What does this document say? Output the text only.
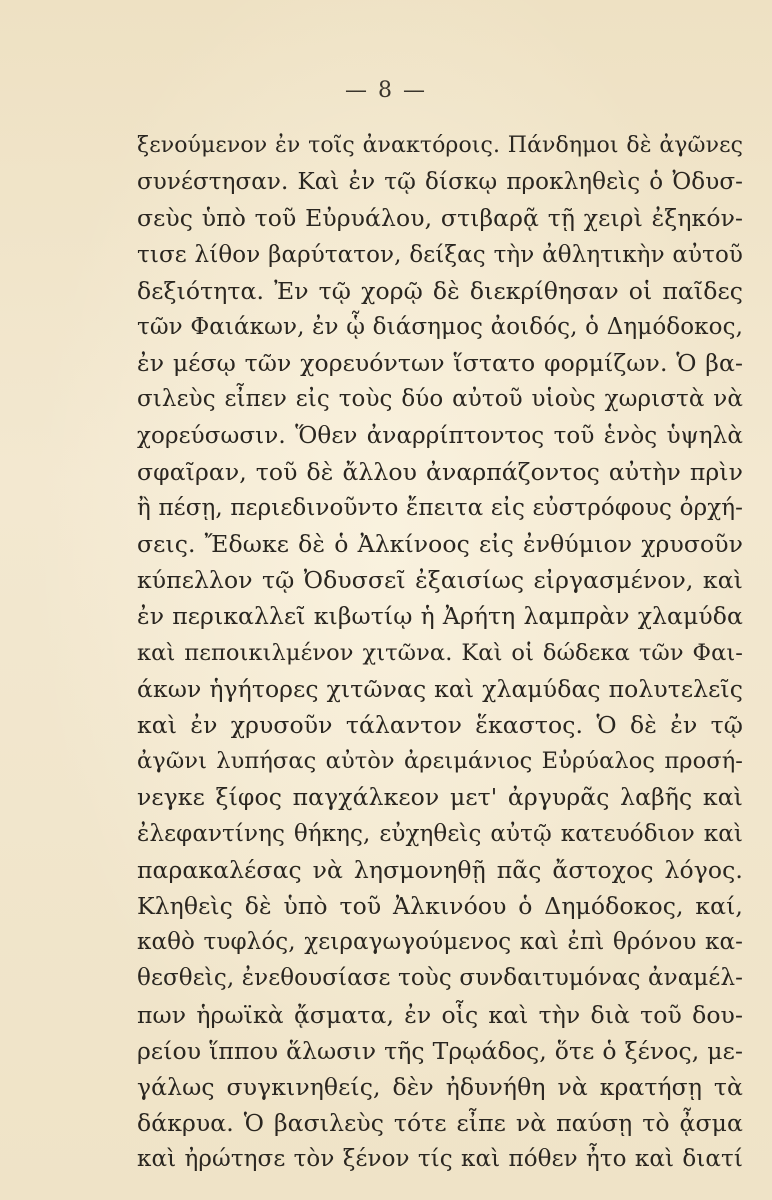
— 8 —
ξενούμενον ἐν τοῖς ἀνακτόροις. Πάνδημοι δὲ ἀγῶνες
συνέστησαν. Καὶ ἐν τῷ δίσκῳ προκληθεὶς ὁ Ὀδυσ-
σεὺς ὑπὸ τοῦ Εὐρυάλου, στιβαρᾷ τῇ χειρὶ ἐξηκόν-
τισε λίθον βαρύτατον, δείξας τὴν ἀθλητικὴν αὐτοῦ
δεξιότητα. Ἐν τῷ χορῷ δὲ διεκρίθησαν οἱ παῖδες
τῶν Φαιάκων, ἐν ᾧ διάσημος ἀοιδός, ὁ Δημόδοκος,
ἐν μέσῳ τῶν χορευόντων ἵστατο φορμίζων. Ὁ βα-
σιλεὺς εἶπεν εἰς τοὺς δύο αὐτοῦ υἱοὺς χωριστὰ νὰ
χορεύσωσιν. Ὅθεν ἀναρρίπτοντος τοῦ ἑνὸς ὑψηλὰ
σφαῖραν, τοῦ δὲ ἄλλου ἀναρπάζοντος αὐτὴν πρὶν
ἢ πέσῃ, περιεδινοῦντο ἔπειτα εἰς εὐστρόφους ὀρχή-
σεις. Ἔδωκε δὲ ὁ Ἀλκίνοος εἰς ἐνθύμιον χρυσοῦν
κύπελλον τῷ Ὀδυσσεῖ ἐξαισίως εἰργασμένον, καὶ
ἐν περικαλλεῖ κιβωτίῳ ἡ Ἀρήτη λαμπρὰν χλαμύδα
καὶ πεποικιλμένον χιτῶνα. Καὶ οἱ δώδεκα τῶν Φαι-
άκων ἡγήτορες χιτῶνας καὶ χλαμύδας πολυτελεῖς
καὶ ἐν χρυσοῦν τάλαντον ἕκαστος. Ὁ δὲ ἐν τῷ
ἀγῶνι λυπήσας αὐτὸν ἀρειμάνιος Εὐρύαλος προσή-
νεγκε ξίφος παγχάλκεον μετ' ἀργυρᾶς λαβῆς καὶ
ἐλεφαντίνης θήκης, εὐχηθεὶς αὐτῷ κατευόδιον καὶ
παρακαλέσας νὰ λησμονηθῇ πᾶς ἄστοχος λόγος.
Κληθεὶς δὲ ὑπὸ τοῦ Ἀλκινόου ὁ Δημόδοκος, καί,
καθὸ τυφλός, χειραγωγούμενος καὶ ἐπὶ θρόνου κα-
θεσθεὶς, ἐνεθουσίασε τοὺς συνδαιτυμόνας ἀναμέλ-
πων ἡρωϊκὰ ᾄσματα, ἐν οἷς καὶ τὴν διὰ τοῦ δου-
ρείου ἵππου ἅλωσιν τῆς Τρῳάδος, ὅτε ὁ ξένος, με-
γάλως συγκινηθείς, δὲν ἠδυνήθη νὰ κρατήσῃ τὰ
δάκρυα. Ὁ βασιλεὺς τότε εἶπε νὰ παύσῃ τὸ ᾆσμα
καὶ ἠρώτησε τὸν ξένον τίς καὶ πόθεν ἦτο καὶ διατί
